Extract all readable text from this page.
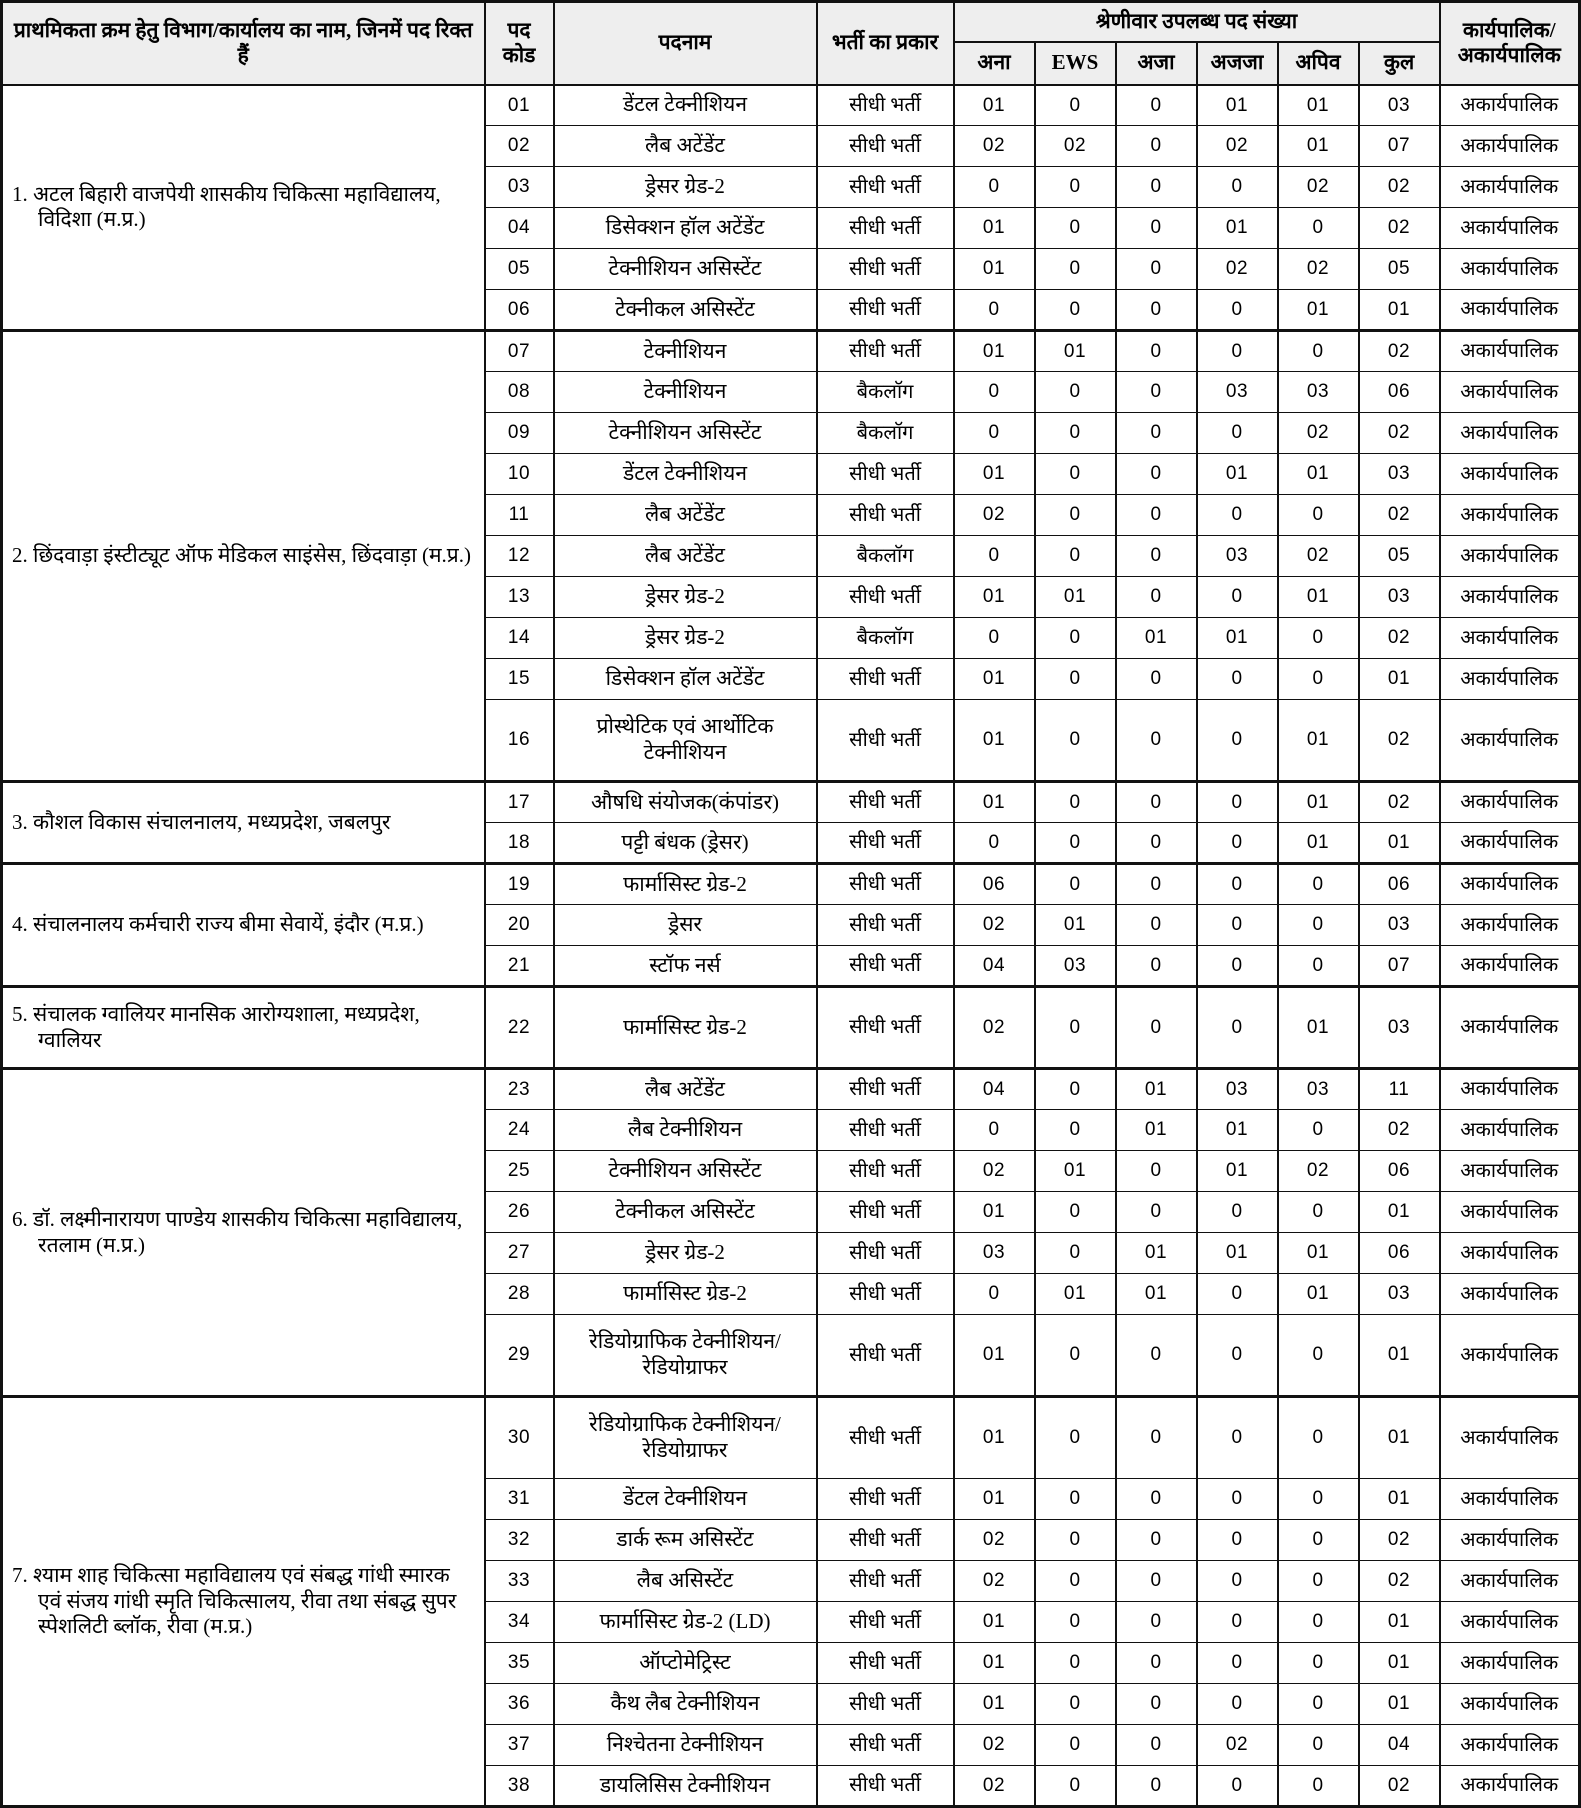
प्राथमिकता क्रम हेतु विभाग/कार्यालय का नाम, जिनमें पद रिक्त हैं	पद कोड	पदनाम	भर्ती का प्रकार	श्रेणीवार उपलब्ध पद संख्या						कार्यपालिक/ अकार्यपालिक
				अना	EWS	अजा	अजजा	अपिव	कुल	

1. अटल बिहारी वाजपेयी शासकीय चिकित्सा महाविद्यालय, विदिशा (म.प्र.)	01	डेंटल टेक्नीशियन	सीधी भर्ती	01	0	0	01	01	03	अकार्यपालिक
	02	लैब अटेंडेंट	सीधी भर्ती	02	02	0	02	01	07	अकार्यपालिक
	03	ड्रेसर ग्रेड-2	सीधी भर्ती	0	0	0	0	02	02	अकार्यपालिक
	04	डिसेक्शन हॉल अटेंडेंट	सीधी भर्ती	01	0	0	01	0	02	अकार्यपालिक
	05	टेक्नीशियन असिस्टेंट	सीधी भर्ती	01	0	0	02	02	05	अकार्यपालिक
	06	टेक्नीकल असिस्टेंट	सीधी भर्ती	0	0	0	0	01	01	अकार्यपालिक

2. छिंदवाड़ा इंस्टीट्यूट ऑफ मेडिकल साइंसेस, छिंदवाड़ा (म.प्र.)	07	टेक्नीशियन	सीधी भर्ती	01	01	0	0	0	02	अकार्यपालिक
	08	टेक्नीशियन	बैकलॉग	0	0	0	03	03	06	अकार्यपालिक
	09	टेक्नीशियन असिस्टेंट	बैकलॉग	0	0	0	0	02	02	अकार्यपालिक
	10	डेंटल टेक्नीशियन	सीधी भर्ती	01	0	0	01	01	03	अकार्यपालिक
	11	लैब अटेंडेंट	सीधी भर्ती	02	0	0	0	0	02	अकार्यपालिक
	12	लैब अटेंडेंट	बैकलॉग	0	0	0	03	02	05	अकार्यपालिक
	13	ड्रेसर ग्रेड-2	सीधी भर्ती	01	01	0	0	01	03	अकार्यपालिक
	14	ड्रेसर ग्रेड-2	बैकलॉग	0	0	01	01	0	02	अकार्यपालिक
	15	डिसेक्शन हॉल अटेंडेंट	सीधी भर्ती	01	0	0	0	0	01	अकार्यपालिक
	16	प्रोस्थेटिक एवं आर्थोटिक टेक्नीशियन	सीधी भर्ती	01	0	0	0	01	02	अकार्यपालिक

3. कौशल विकास संचालनालय, मध्यप्रदेश, जबलपुर	17	औषधि संयोजक(कंपांडर)	सीधी भर्ती	01	0	0	0	01	02	अकार्यपालिक
	18	पट्टी बंधक (ड्रेसर)	सीधी भर्ती	0	0	0	0	01	01	अकार्यपालिक

4. संचालनालय कर्मचारी राज्य बीमा सेवायें, इंदौर (म.प्र.)	19	फार्मासिस्ट ग्रेड-2	सीधी भर्ती	06	0	0	0	0	06	अकार्यपालिक
	20	ड्रेसर	सीधी भर्ती	02	01	0	0	0	03	अकार्यपालिक
	21	स्टॉफ नर्स	सीधी भर्ती	04	03	0	0	0	07	अकार्यपालिक

5. संचालक ग्वालियर मानसिक आरोग्यशाला, मध्यप्रदेश, ग्वालियर	22	फार्मासिस्ट ग्रेड-2	सीधी भर्ती	02	0	0	0	01	03	अकार्यपालिक

6. डॉ. लक्ष्मीनारायण पाण्डेय शासकीय चिकित्सा महाविद्यालय, रतलाम (म.प्र.)	23	लैब अटेंडेंट	सीधी भर्ती	04	0	01	03	03	11	अकार्यपालिक
	24	लैब टेक्नीशियन	सीधी भर्ती	0	0	01	01	0	02	अकार्यपालिक
	25	टेक्नीशियन असिस्टेंट	सीधी भर्ती	02	01	0	01	02	06	अकार्यपालिक
	26	टेक्नीकल असिस्टेंट	सीधी भर्ती	01	0	0	0	0	01	अकार्यपालिक
	27	ड्रेसर ग्रेड-2	सीधी भर्ती	03	0	01	01	01	06	अकार्यपालिक
	28	फार्मासिस्ट ग्रेड-2	सीधी भर्ती	0	01	01	0	01	03	अकार्यपालिक
	29	रेडियोग्राफिक टेक्नीशियन/रेडियोग्राफर	सीधी भर्ती	01	0	0	0	0	01	अकार्यपालिक

7. श्याम शाह चिकित्सा महाविद्यालय एवं संबद्ध गांधी स्मारक एवं संजय गांधी स्मृति चिकित्सालय, रीवा तथा संबद्ध सुपर स्पेशलिटी ब्लॉक, रीवा (म.प्र.)	30	रेडियोग्राफिक टेक्नीशियन/रेडियोग्राफर	सीधी भर्ती	01	0	0	0	0	01	अकार्यपालिक
	31	डेंटल टेक्नीशियन	सीधी भर्ती	01	0	0	0	0	01	अकार्यपालिक
	32	डार्क रूम असिस्टेंट	सीधी भर्ती	02	0	0	0	0	02	अकार्यपालिक
	33	लैब असिस्टेंट	सीधी भर्ती	02	0	0	0	0	02	अकार्यपालिक
	34	फार्मासिस्ट ग्रेड-2 (LD)	सीधी भर्ती	01	0	0	0	0	01	अकार्यपालिक
	35	ऑप्टोमेट्रिस्ट	सीधी भर्ती	01	0	0	0	0	01	अकार्यपालिक
	36	कैथ लैब टेक्नीशियन	सीधी भर्ती	01	0	0	0	0	01	अकार्यपालिक
	37	निश्चेतना टेक्नीशियन	सीधी भर्ती	02	0	0	02	0	04	अकार्यपालिक
	38	डायलिसिस टेक्नीशियन	सीधी भर्ती	02	0	0	0	0	02	अकार्यपालिक
